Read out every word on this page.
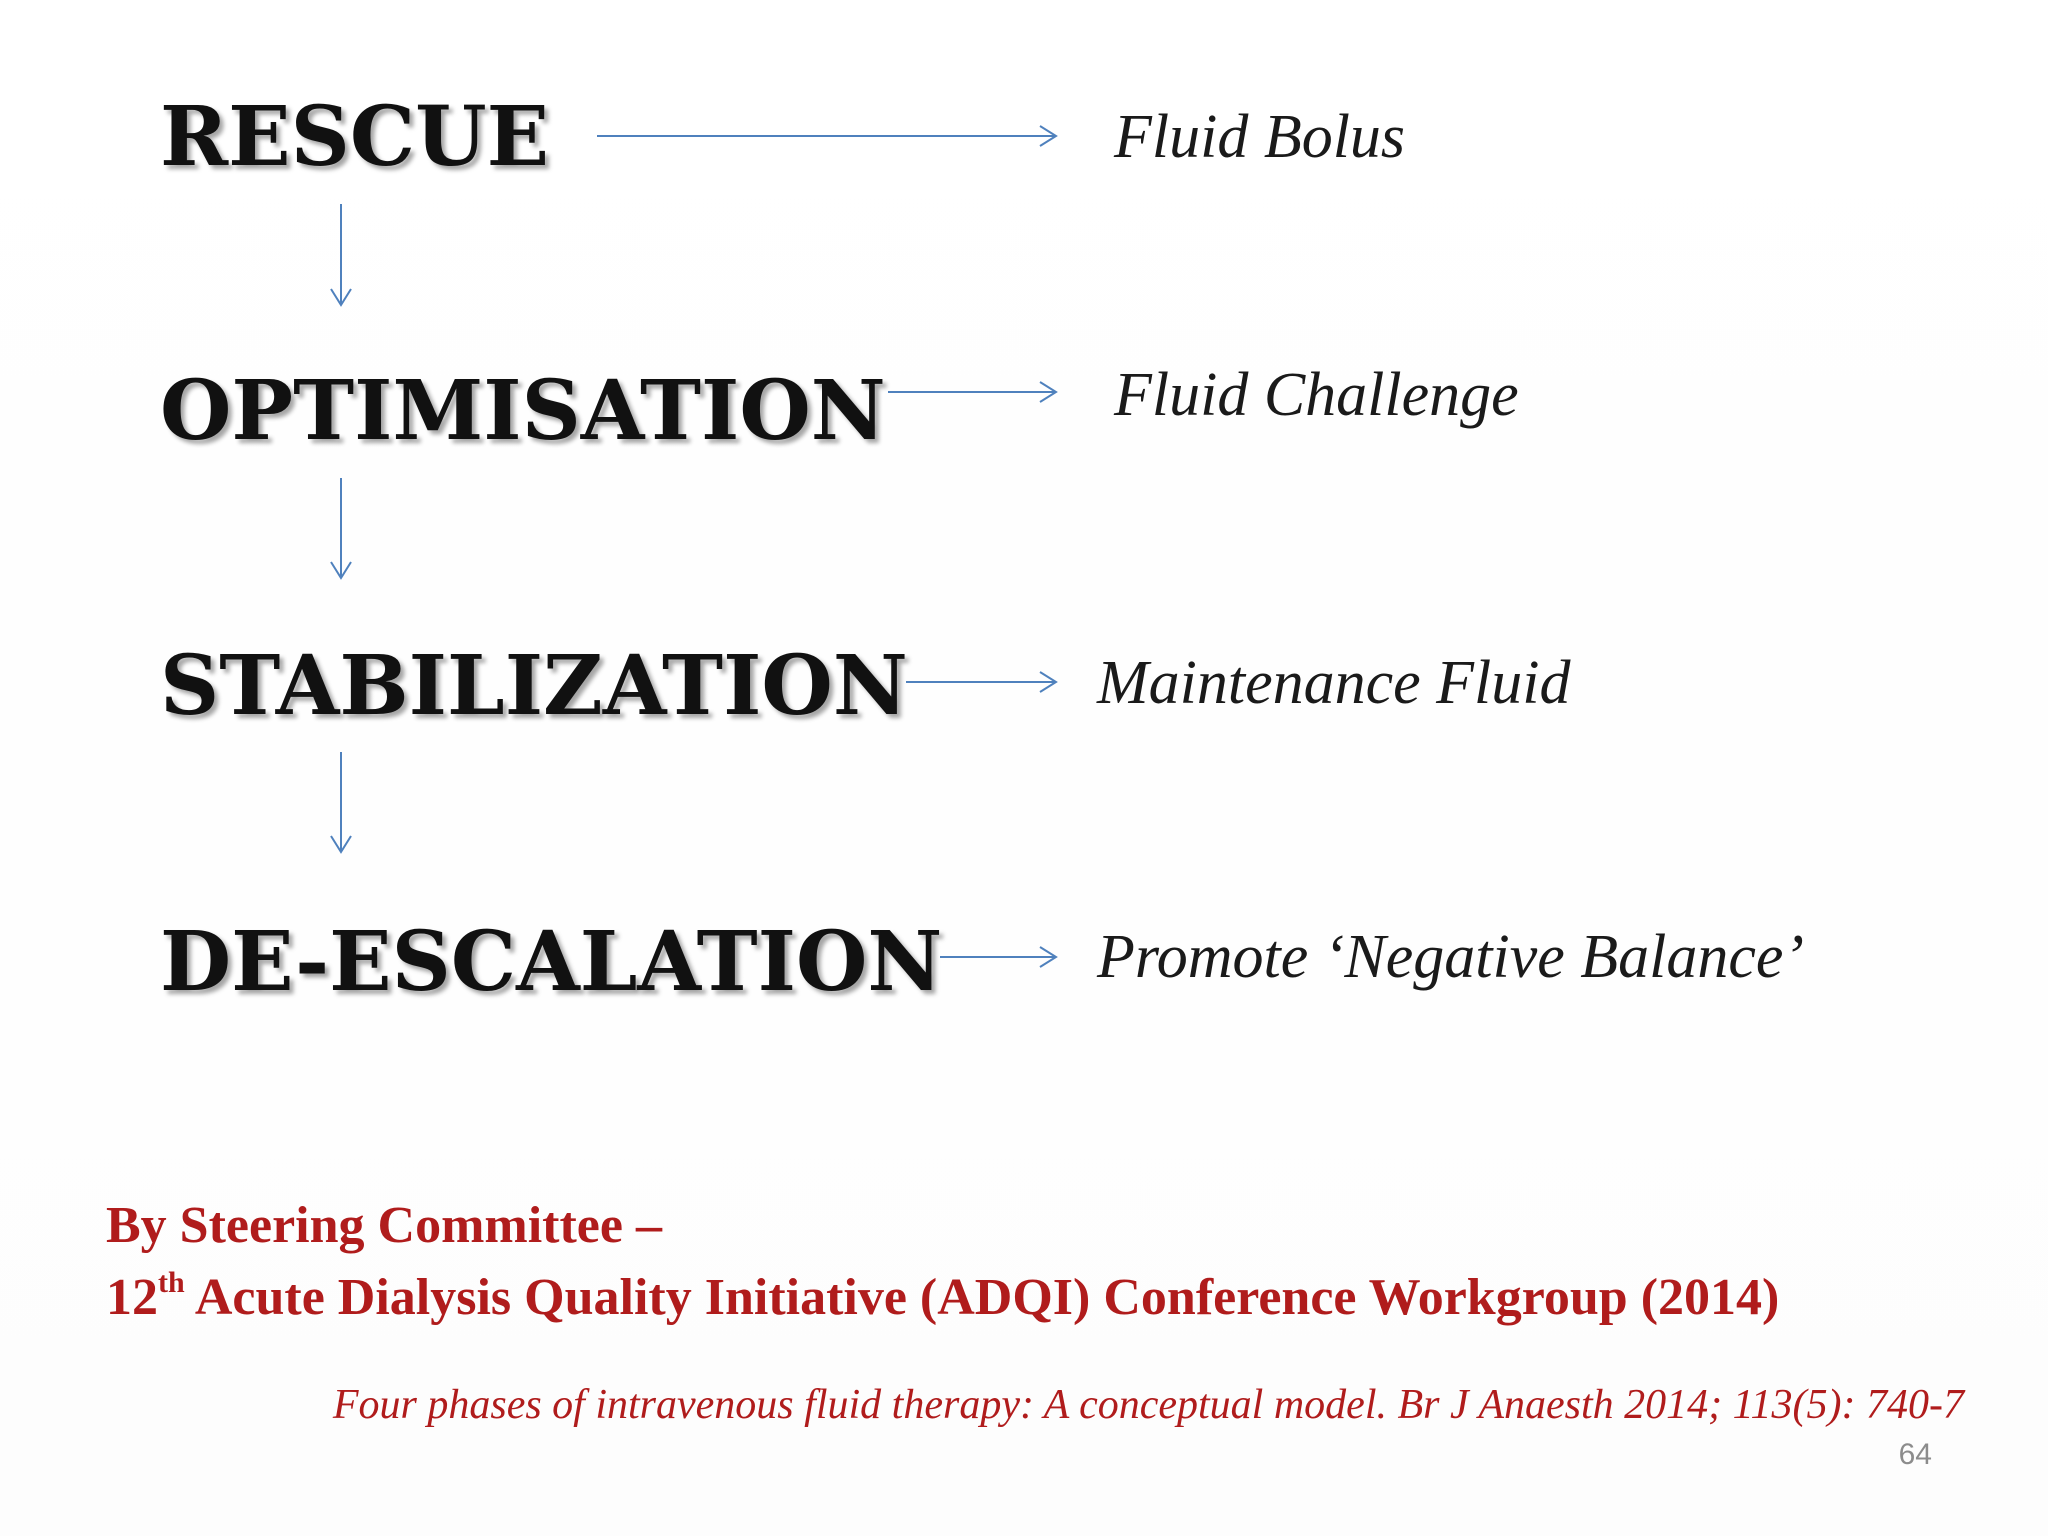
RESCUE
OPTIMISATION
STABILIZATION
DE-ESCALATION
Fluid Bolus
Fluid Challenge
Maintenance Fluid
Promote ‘Negative Balance’
By Steering Committee –
12th Acute Dialysis Quality Initiative (ADQI) Conference Workgroup (2014)
Four phases of intravenous fluid therapy: A conceptual model. Br J Anaesth 2014; 113(5): 740-7
64
